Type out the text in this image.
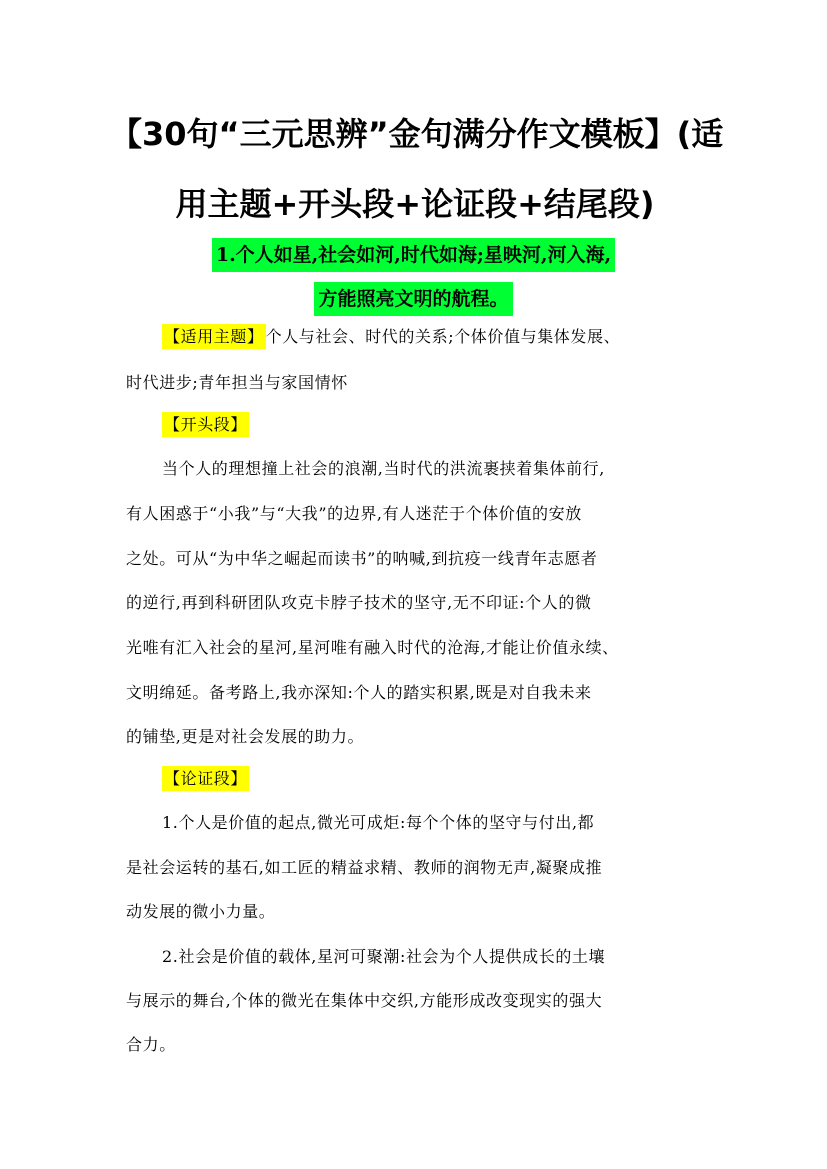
【30句“三元思辨”金句满分作文模板】(适
用主题+开头段+论证段+结尾段)
1.个人如星,社会如河,时代如海;星映河,河入海,
方能照亮文明的航程。
【适用主题】 个人与社会、时代的关系;个体价值与集体发展、
时代进步;青年担当与家国情怀
【开头段】
当个人的理想撞上社会的浪潮,当时代的洪流裹挟着集体前行,
有人困惑于“小我”与“大我”的边界,有人迷茫于个体价值的安放
之处。可从“为中华之崛起而读书”的呐喊,到抗疫一线青年志愿者
的逆行,再到科研团队攻克卡脖子技术的坚守,无不印证:个人的微
光唯有汇入社会的星河,星河唯有融入时代的沧海,才能让价值永续、
文明绵延。备考路上,我亦深知:个人的踏实积累,既是对自我未来
的铺垫,更是对社会发展的助力。
【论证段】
1.个人是价值的起点,微光可成炬:每个个体的坚守与付出,都
是社会运转的基石,如工匠的精益求精、教师的润物无声,凝聚成推
动发展的微小力量。
2.社会是价值的载体,星河可聚潮:社会为个人提供成长的土壤
与展示的舞台,个体的微光在集体中交织,方能形成改变现实的强大
合力。
